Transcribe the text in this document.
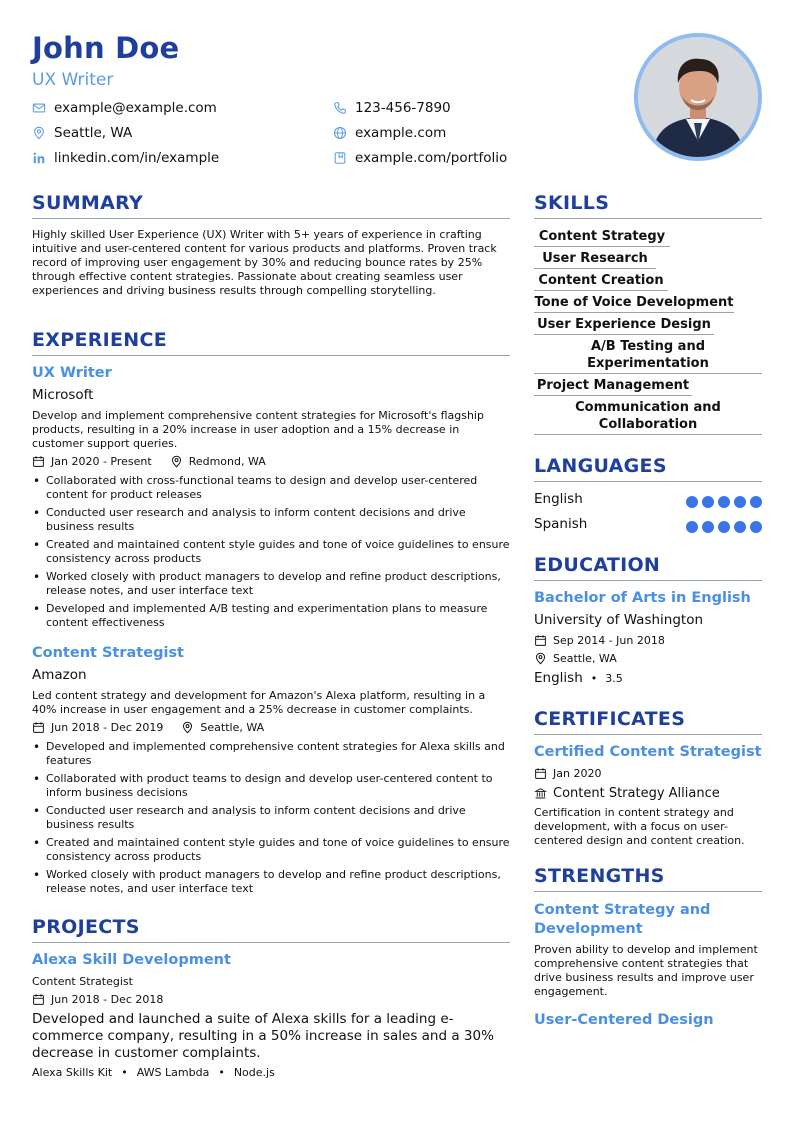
John Doe
UX Writer
example@example.com	123-456-7890
Seattle, WA	example.com
linkedin.com/in/example	example.com/portfolio
SUMMARY
Highly skilled User Experience (UX) Writer with 5+ years of experience in crafting intuitive and user-centered content for various products and platforms. Proven track record of improving user engagement by 30% and reducing bounce rates by 25% through effective content strategies. Passionate about creating seamless user experiences and driving business results through compelling storytelling.
EXPERIENCE
UX Writer
Microsoft
Develop and implement comprehensive content strategies for Microsoft's flagship products, resulting in a 20% increase in user adoption and a 15% decrease in customer support queries.
Jan 2020 - Present	Redmond, WA
• Collaborated with cross-functional teams to design and develop user-centered content for product releases
• Conducted user research and analysis to inform content decisions and drive business results
• Created and maintained content style guides and tone of voice guidelines to ensure consistency across products
• Worked closely with product managers to develop and refine product descriptions, release notes, and user interface text
• Developed and implemented A/B testing and experimentation plans to measure content effectiveness
Content Strategist
Amazon
Led content strategy and development for Amazon's Alexa platform, resulting in a 40% increase in user engagement and a 25% decrease in customer complaints.
Jun 2018 - Dec 2019	Seattle, WA
• Developed and implemented comprehensive content strategies for Alexa skills and features
• Collaborated with product teams to design and develop user-centered content to inform business decisions
• Conducted user research and analysis to inform content decisions and drive business results
• Created and maintained content style guides and tone of voice guidelines to ensure consistency across products
• Worked closely with product managers to develop and refine product descriptions, release notes, and user interface text
PROJECTS
Alexa Skill Development
Content Strategist
Jun 2018 - Dec 2018
Developed and launched a suite of Alexa skills for a leading e-commerce company, resulting in a 50% increase in sales and a 30% decrease in customer complaints.
Alexa Skills Kit • AWS Lambda • Node.js
SKILLS
Content Strategy
User Research
Content Creation
Tone of Voice Development
User Experience Design
A/B Testing and Experimentation
Project Management
Communication and Collaboration
LANGUAGES
English
Spanish
EDUCATION
Bachelor of Arts in English
University of Washington
Sep 2014 - Jun 2018
Seattle, WA
English • 3.5
CERTIFICATES
Certified Content Strategist
Jan 2020
Content Strategy Alliance
Certification in content strategy and development, with a focus on user-centered design and content creation.
STRENGTHS
Content Strategy and Development
Proven ability to develop and implement comprehensive content strategies that drive business results and improve user engagement.
User-Centered Design
